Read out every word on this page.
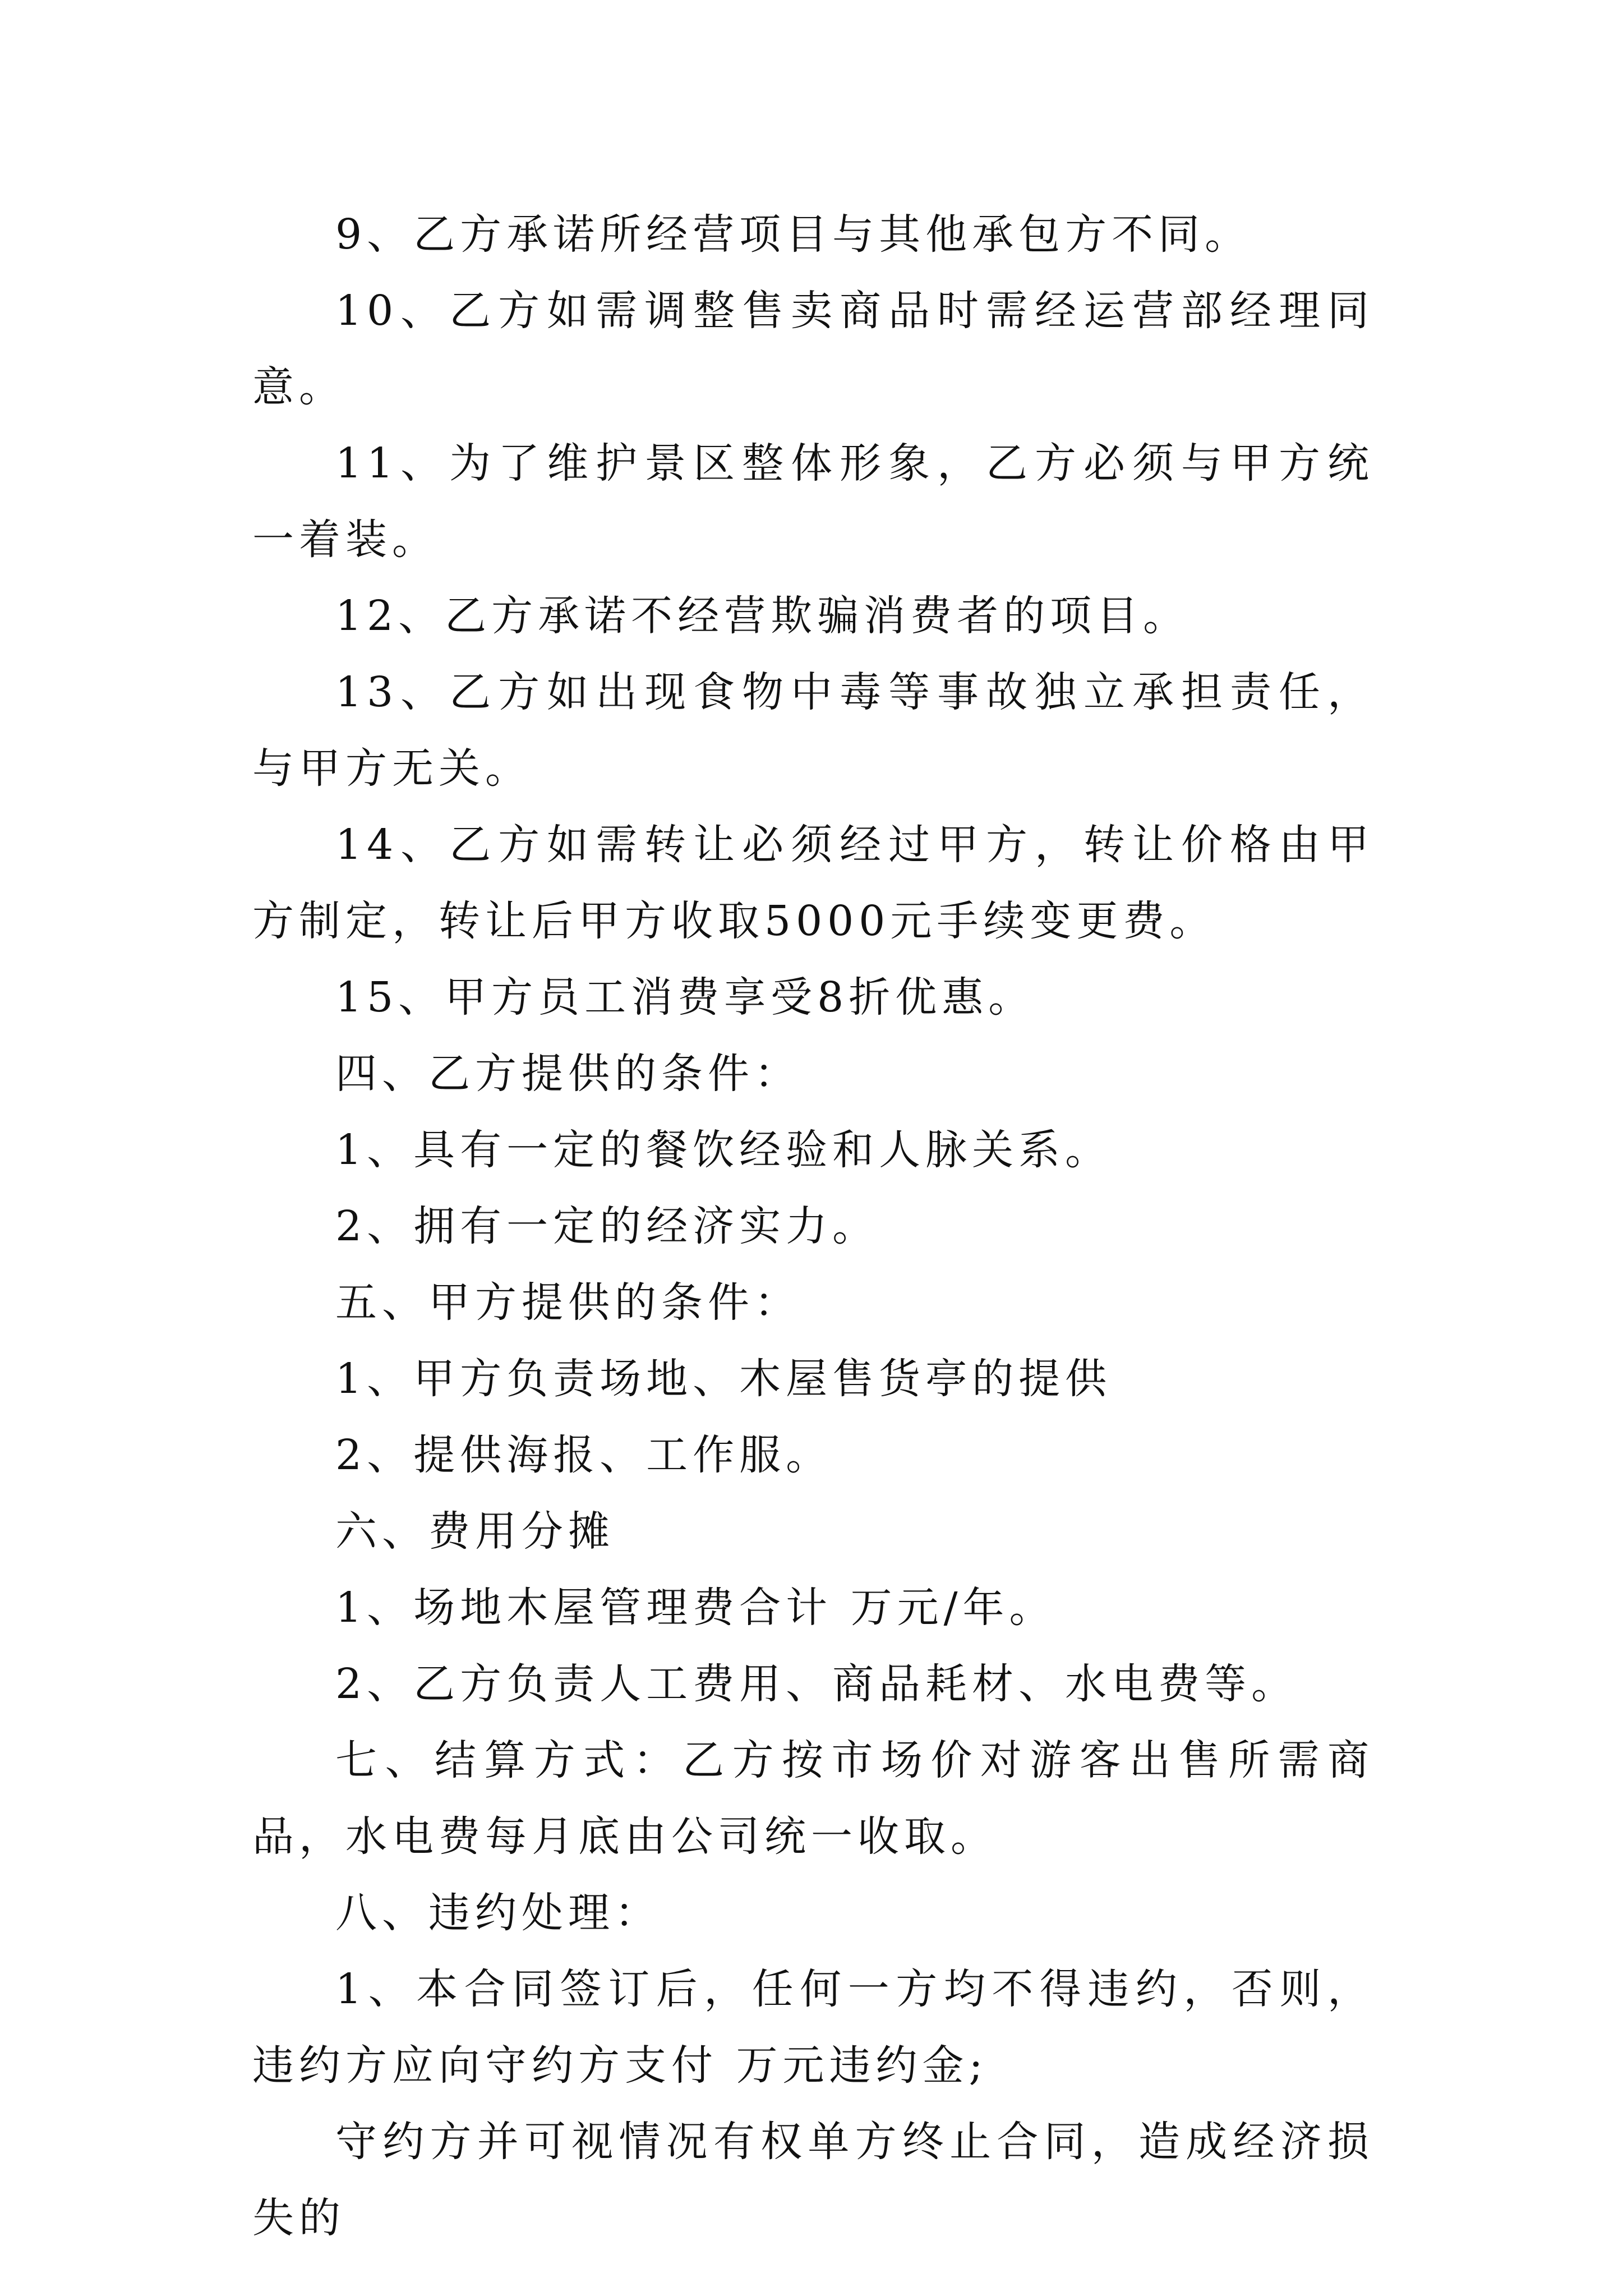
9、乙方承诺所经营项目与其他承包方不同。

10、乙方如需调整售卖商品时需经运营部经理同意。

11、为了维护景区整体形象，乙方必须与甲方统一着装。

12、乙方承诺不经营欺骗消费者的项目。

13、乙方如出现食物中毒等事故独立承担责任，与甲方无关。

14、乙方如需转让必须经过甲方，转让价格由甲方制定，转让后甲方收取5000元手续变更费。

15、甲方员工消费享受8折优惠。

四、乙方提供的条件：

1、具有一定的餐饮经验和人脉关系。

2、拥有一定的经济实力。

五、甲方提供的条件：

1、甲方负责场地、木屋售货亭的提供

2、提供海报、工作服。

六、费用分摊

1、场地木屋管理费合计 万元/年。

2、乙方负责人工费用、商品耗材、水电费等。

七、结算方式：乙方按市场价对游客出售所需商品，水电费每月底由公司统一收取。

八、违约处理：

1、本合同签订后，任何一方均不得违约，否则，违约方应向守约方支付 万元违约金;

守约方并可视情况有权单方终止合同，造成经济损失的
